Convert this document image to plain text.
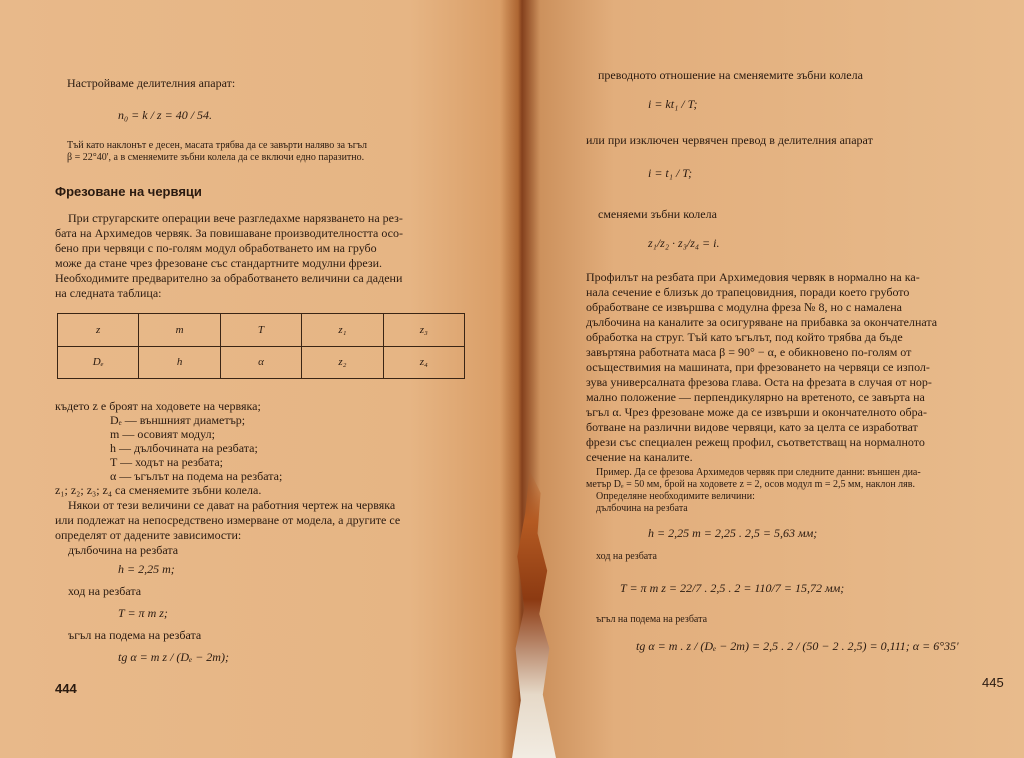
Настройваме делителния апарат:
n₀ = k / z = 40 / 54.
Тъй като наклонът е десен, масата трябва да се завърти наляво за ъгъл
β = 22°40', а в сменяемите зъбни колела да се включи едно паразитно.
Фрезоване на червяци
При стругарските операции вече разгледахме нарязването на рез-
бата на Архимедов червяк. За повишаване производителността осо-
бено при червяци с по-голям модул обработването им на грубо
може да стане чрез фрезоване със стандартните модулни фрези.
Необходимите предварително за обработването величини са дадени
на следната таблица:
z	m	T	z₁	z₃
Dₑ	h	α	z₂	z₄
където z е броят на ходовете на червяка;
Dₑ — външният диаметър;
m — осовият модул;
h — дълбочината на резбата;
T — ходът на резбата;
α — ъгълът на подема на резбата;
z₁; z₂; z₃; z₄ са сменяемите зъбни колела.
Някои от тези величини се дават на работния чертеж на червяка
или подлежат на непосредствено измерване от модела, а другите се
определят от дадените зависимости:
дълбочина на резбата
h = 2,25 m;
ход на резбата
T = π m z;
ъгъл на подема на резбата
tg α = m z / (Dₑ − 2m);
444
преводното отношение на сменяемите зъбни колела
i = kt₁ / T;
или при изключен червячен превод в делителния апарат
i = t₁ / T;
сменяеми зъбни колела
z₁/z₂ · z₃/z₄ = i.
Профилът на резбата при Архимедовия червяк в нормално на ка-
нала сечение е близък до трапецовидния, поради което грубото
обработване се извършва с модулна фреза № 8, но с намалена
дълбочина на каналите за осигуряване на прибавка за окончателната
обработка на струг. Тъй като ъгълът, под който трябва да бъде
завъртяна работната маса β = 90° − α, е обикновено по-голям от
осъществимия на машината, при фрезоването на червяци се изпол-
зува универсалната фрезова глава. Оста на фрезата в случая от нор-
мално положение — перпендикулярно на вретеното, се завърта на
ъгъл α. Чрез фрезоване може да се извърши и окончателното обра-
ботване на различни видове червяци, като за целта се изработват
фрези със специален режещ профил, съответстващ на нормалното
сечение на каналите.
Пример. Да се фрезова Архимедов червяк при следните данни: външен диа-
метър Dₑ = 50 мм, брой на ходовете z = 2, осов модул m = 2,5 мм, наклон ляв.
Определяне необходимите величини:
дълбочина на резбата
h = 2,25 m = 2,25 . 2,5 = 5,63 мм;
ход на резбата
T = π m z = 22/7 . 2,5 . 2 = 110/7 = 15,72 мм;
ъгъл на подема на резбата
tg α = m . z / (Dₑ − 2m) = 2,5 . 2 / (50 − 2 . 2,5) = 0,111; α = 6°35'
445
